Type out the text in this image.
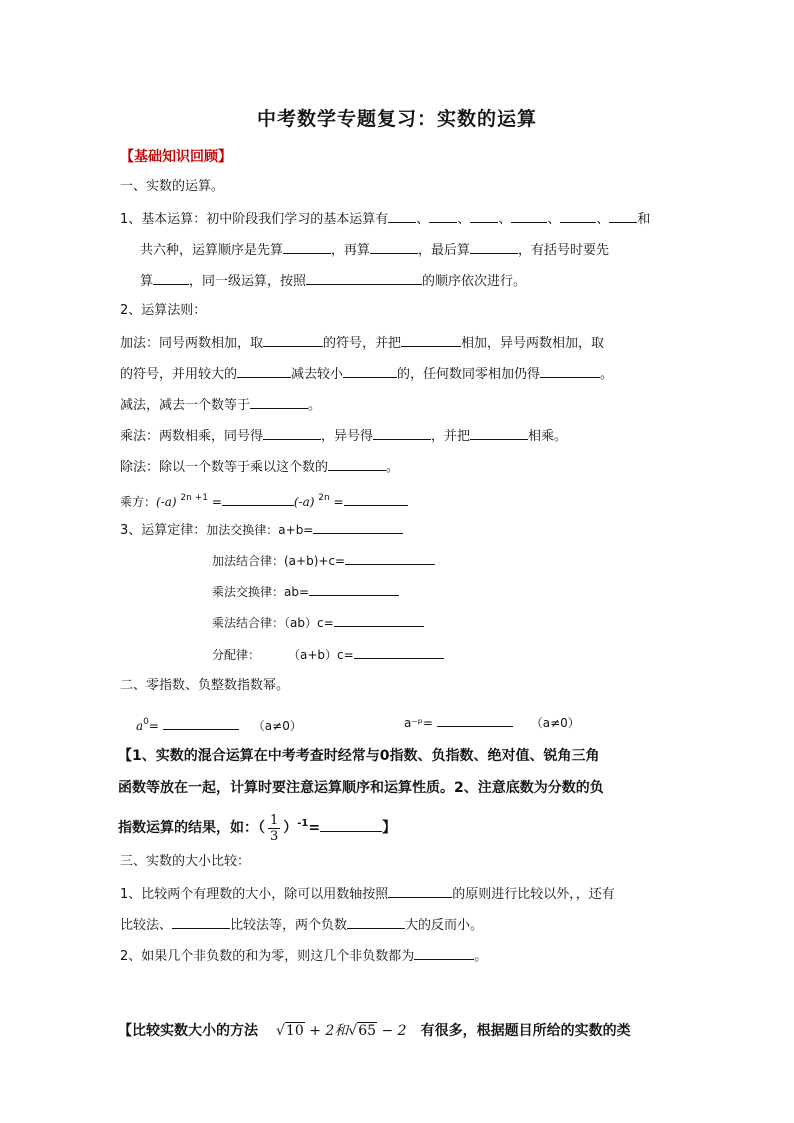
中考数学专题复习：实数的运算
【基础知识回顾】
一、实数的运算。
1、基本运算：初中阶段我们学习的基本运算有 、 、 、	、	、 和
共六种，运算顺序是先算	，再算	，最后算	，有括号时要先
算	，同一级运算，按照	的顺序依次进行。
2、运算法则：
加法：同号两数相加，取	的符号，并把	相加，异号两数相加，取
的符号，并用较大的	减去较小	的，任何数同零相加仍得	。
减法，减去一个数等于	。
乘法：两数相乘，同号得	，异号得	，并把	相乘。
除法：除以一个数等于乘以这个数的	。
乘方：(-a) $^{2n +1}$ =	(-a) $^{2n}$ =
3、运算定律：加法交换律：a+b=
加法结合律：(a+b)+c=
乘法交换律：ab=
乘法结合律：（ab）c=
分配律： （a+b）c=
二、零指数、负整数指数幂。
$a^0=$	（a≠0）	a⁻ᵖ=	（a≠0）
【1、实数的混合运算在中考考查时经常与0指数、负指数、绝对值、锐角三角
函数等放在一起，计算时要注意运算顺序和运算性质。2、注意底数为分数的负
指数运算的结果，如：（ $\frac{1}{3} )^{-1}=$	】
三、实数的大小比较：
1、比较两个有理数的大小，除可以用数轴按照	的原则进行比较以外，，还有
比较法、	比较法等，两个负数	大的反而小。
2、如果几个非负数的和为零，则这几个非负数都为	。
【比较实数大小的方法 √10 + 2和√65 − 2 有很多，根据题目所给的实数的类
